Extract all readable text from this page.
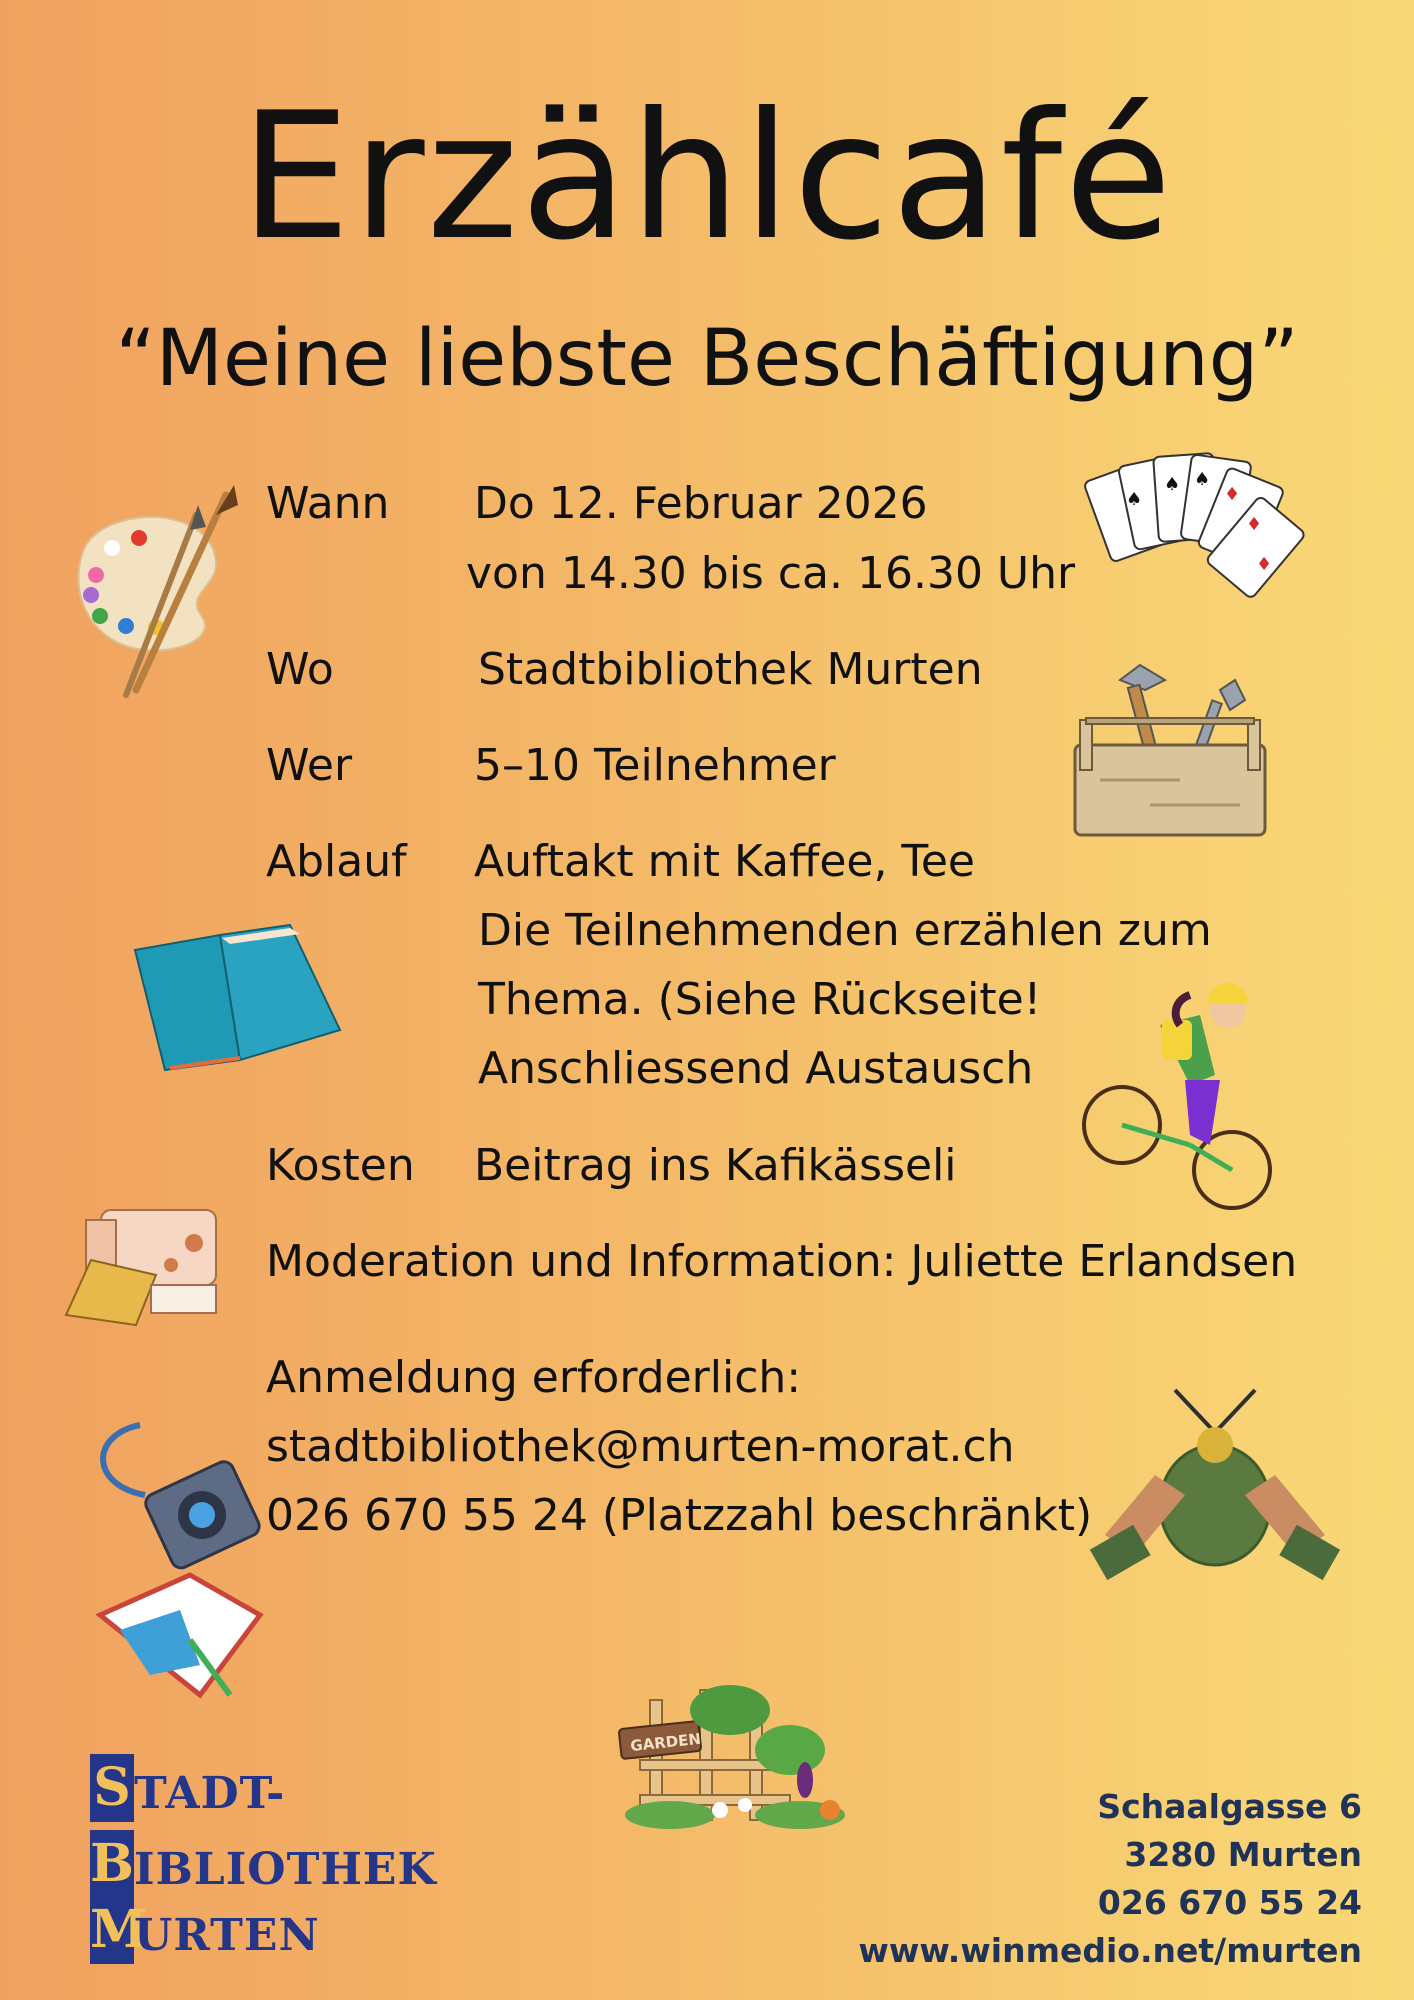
Erzählcafé
“Meine liebste Beschäftigung”
Wann Do 12. Februar 2026
von 14.30 bis ca. 16.30 Uhr
Wo	Stadtbibliothek Murten
Wer	5–10 Teilnehmer
Ablauf Auftakt mit Kaffee, Tee
Die Teilnehmenden erzählen zum
Thema. (Siehe Rückseite!
Anschliessend Austausch
Kosten Beitrag ins Kafikässeli
Moderation und Information: Juliette Erlandsen
Anmeldung erforderlich:
stadtbibliothek@murten-morat.ch
026 670 55 24 (Platzzahl beschränkt)
Schaalgasse 6
3280 Murten
026 670 55 24
www.winmedio.net/murten
S TADT-
B IBLIOTHEK
M
URTEN
♠
♠ ♠
♦
♦
♦
GARDEN
